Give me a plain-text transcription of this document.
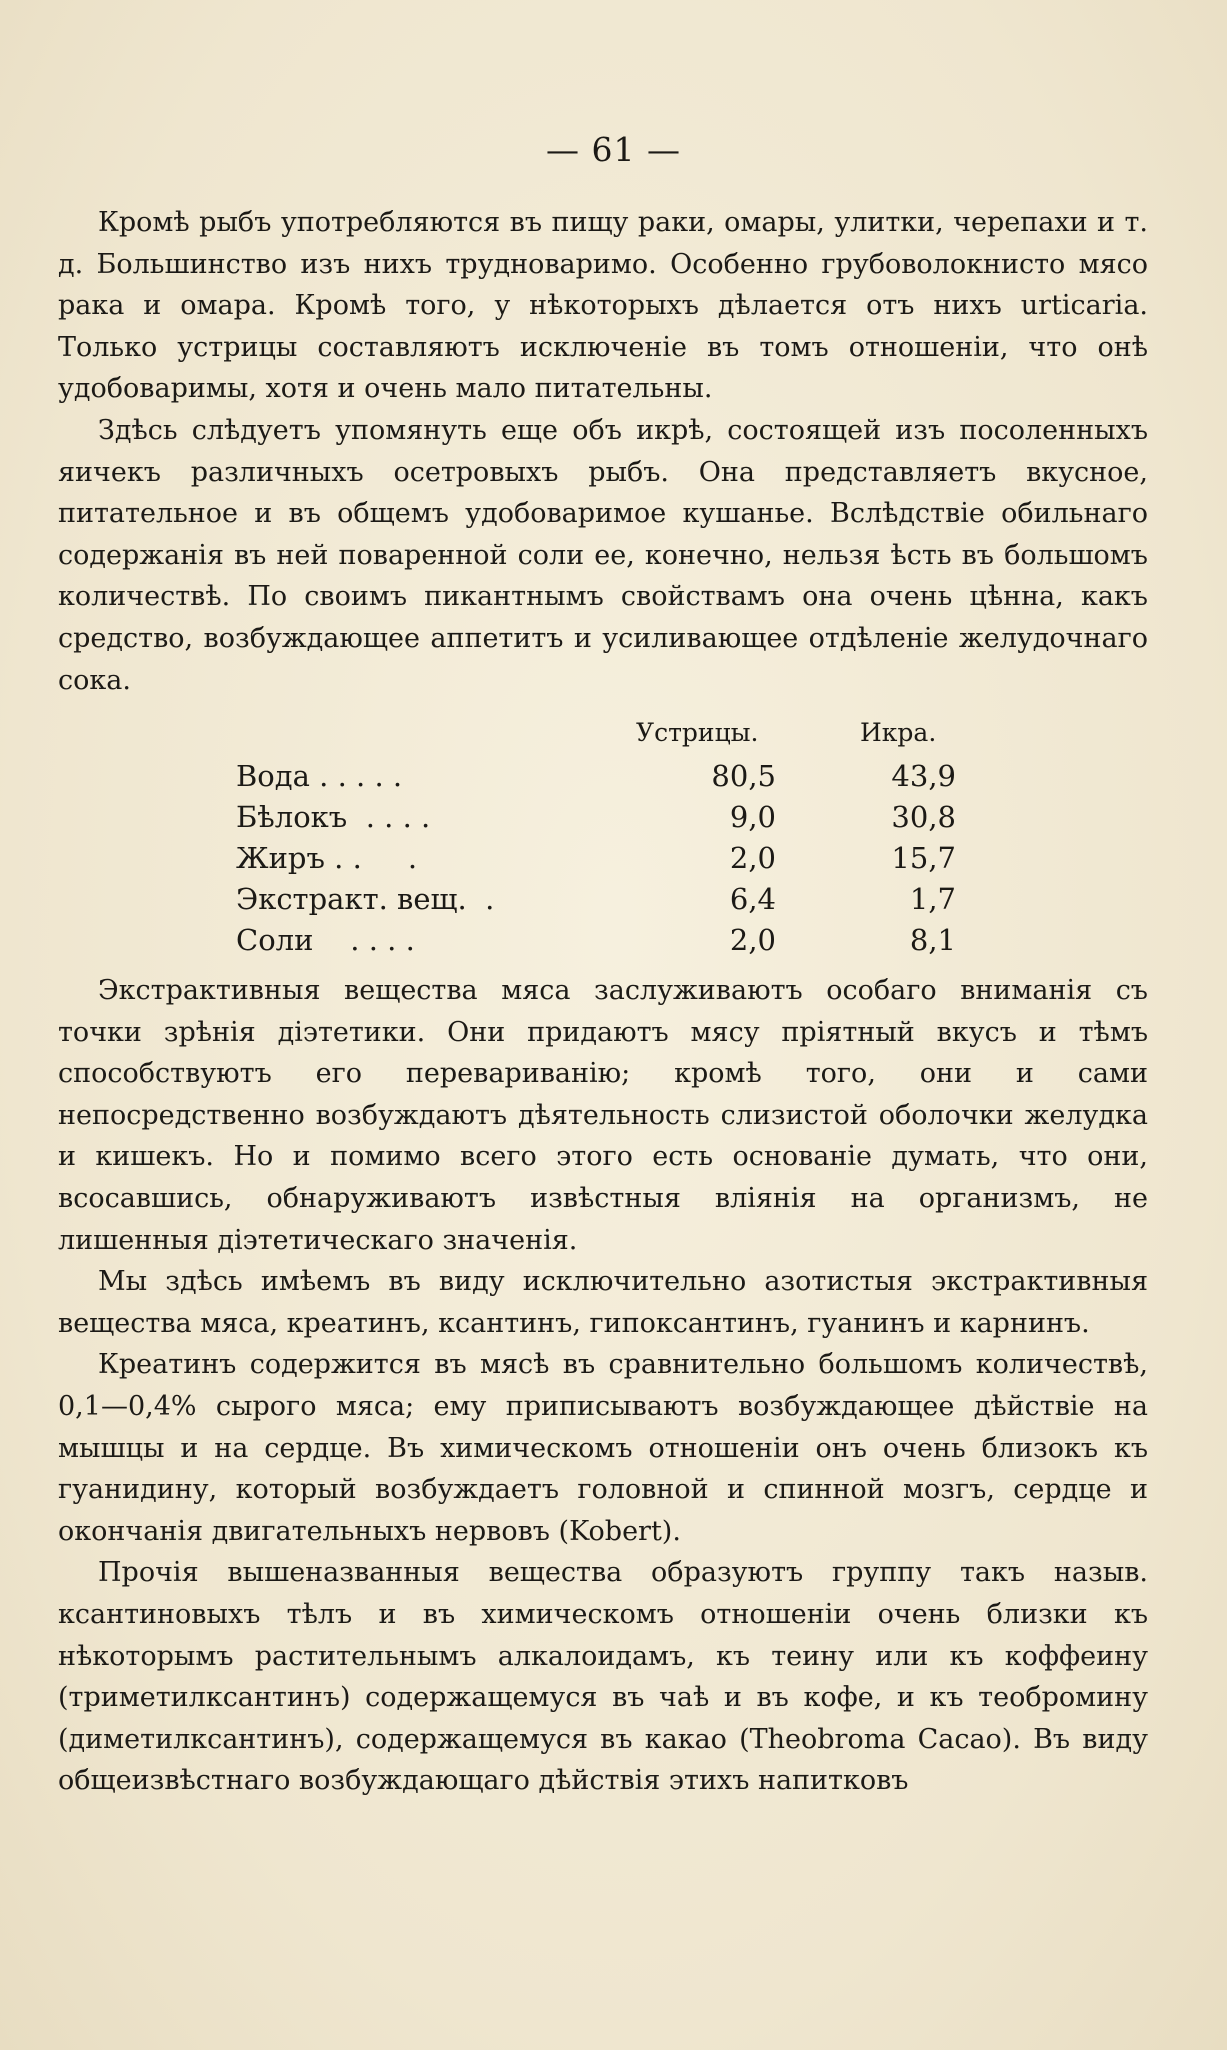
— 61 —

Кромѣ рыбъ употребляются въ пищу раки, омары, улитки, черепахи и т. д. Большинство изъ нихъ трудноваримо. Особенно грубоволокнисто мясо рака и омара. Кромѣ того, у нѣкоторыхъ дѣлается отъ нихъ urticaria. Только устрицы составляютъ исключенiе въ томъ отношенiи, что онѣ удобоваримы, хотя и очень мало питательны.

Здѣсь слѣдуетъ упомянуть еще объ икрѣ, состоящей изъ посоленныхъ яичекъ различныхъ осетровыхъ рыбъ. Она представляетъ вкусное, питательное и въ общемъ удобоваримое кушанье. Вслѣдствiе обильнаго содержанiя въ ней поваренной соли ее, конечно, нельзя ѣсть въ большомъ количествѣ. По своимъ пикантнымъ свойствамъ она очень цѣнна, какъ средство, возбуждающее аппетитъ и усиливающее отдѣленiе желудочнаго сока.

Устрицы.	Икра.
Вода . . . . .	80,5	43,9
Бѣлокъ  . . . .	9,0	30,8
Жиръ . .     .	2,0	15,7
Экстракт. вещ.  .	6,4	1,7
Соли    . . . .	2,0	8,1

Экстрактивныя вещества мяса заслуживаютъ особаго вниманiя съ точки зрѣнiя дiэтетики. Они придаютъ мясу прiятный вкусъ и тѣмъ способствуютъ его перевариванiю; кромѣ того, они и сами непосредственно возбуждаютъ дѣятельность слизистой оболочки желудка и кишекъ. Но и помимо всего этого есть основанiе думать, что они, всосавшись, обнаруживаютъ извѣстныя влiянiя на организмъ, не лишенныя дiэтетическаго значенiя.

Мы здѣсь имѣемъ въ виду исключительно азотистыя экстрактивныя вещества мяса, креатинъ, ксантинъ, гипоксантинъ, гуанинъ и карнинъ.

Креатинъ содержится въ мясѣ въ сравнительно большомъ количествѣ, 0,1—0,4% сырого мяса; ему приписываютъ возбуждающее дѣйствiе на мышцы и на сердце. Въ химическомъ отношенiи онъ очень близокъ къ гуанидину, который возбуждаетъ головной и спинной мозгъ, сердце и окончанiя двигательныхъ нервовъ (Kobert).

Прочiя вышеназванныя вещества образуютъ группу такъ назыв. ксантиновыхъ тѣлъ и въ химическомъ отношенiи очень близки къ нѣкоторымъ растительнымъ алкалоидамъ, къ теину или къ коффеину (триметилксантинъ) содержащемуся въ чаѣ и въ кофе, и къ теобромину (диметилксантинъ), содержащемуся въ какао (Theobroma Cacao). Въ виду общеизвѣстнаго возбуждающаго дѣйствiя этихъ напитковъ
